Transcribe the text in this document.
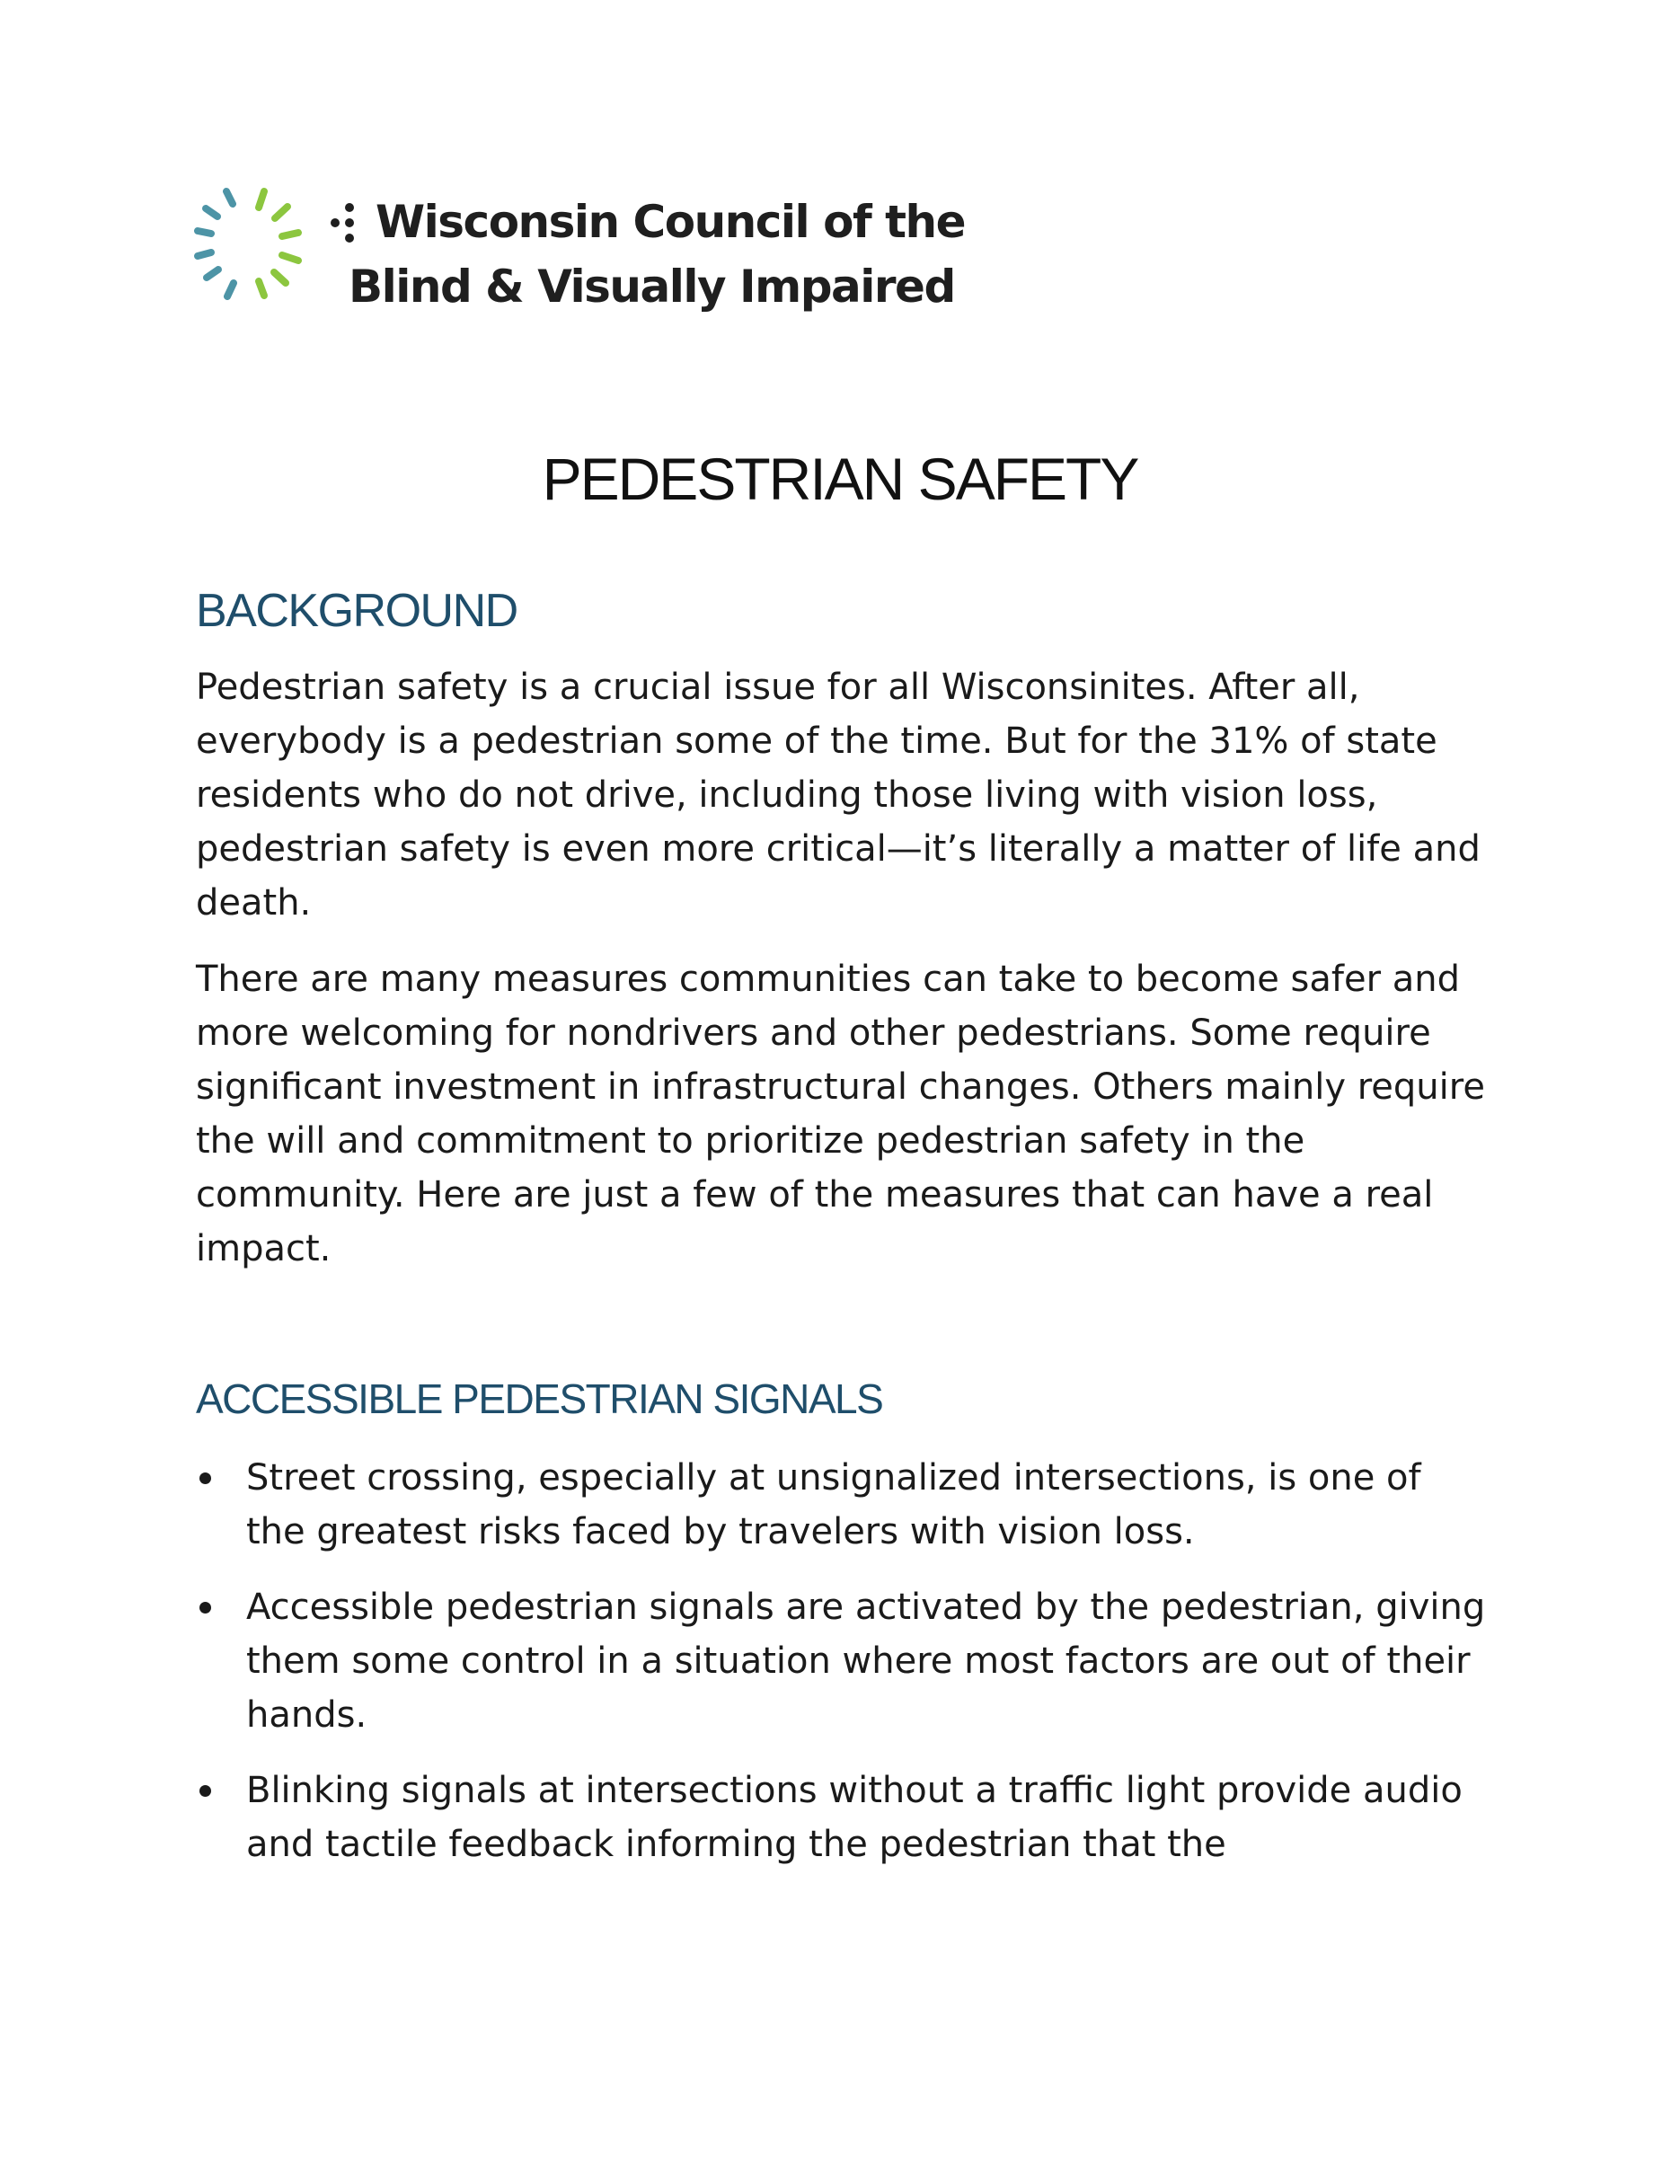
Wisconsin Council of the
Blind & Visually Impaired
PEDESTRIAN SAFETY
BACKGROUND

Pedestrian safety is a crucial issue for all Wisconsinites. After all, everybody is a pedestrian some of the time. But for the 31% of state residents who do not drive, including those living with vision loss, pedestrian safety is even more critical—it’s literally a matter of life and death.

There are many measures communities can take to become safer and more welcoming for nondrivers and other pedestrians. Some require significant investment in infrastructural changes. Others mainly require the will and commitment to prioritize pedestrian safety in the community. Here are just a few of the measures that can have a real impact.

ACCESSIBLE PEDESTRIAN SIGNALS
Street crossing, especially at unsignalized intersections, is one of the greatest risks faced by travelers with vision loss.
Accessible pedestrian signals are activated by the pedestrian, giving them some control in a situation where most factors are out of their hands.
Blinking signals at intersections without a traffic light provide audio and tactile feedback informing the pedestrian that the
